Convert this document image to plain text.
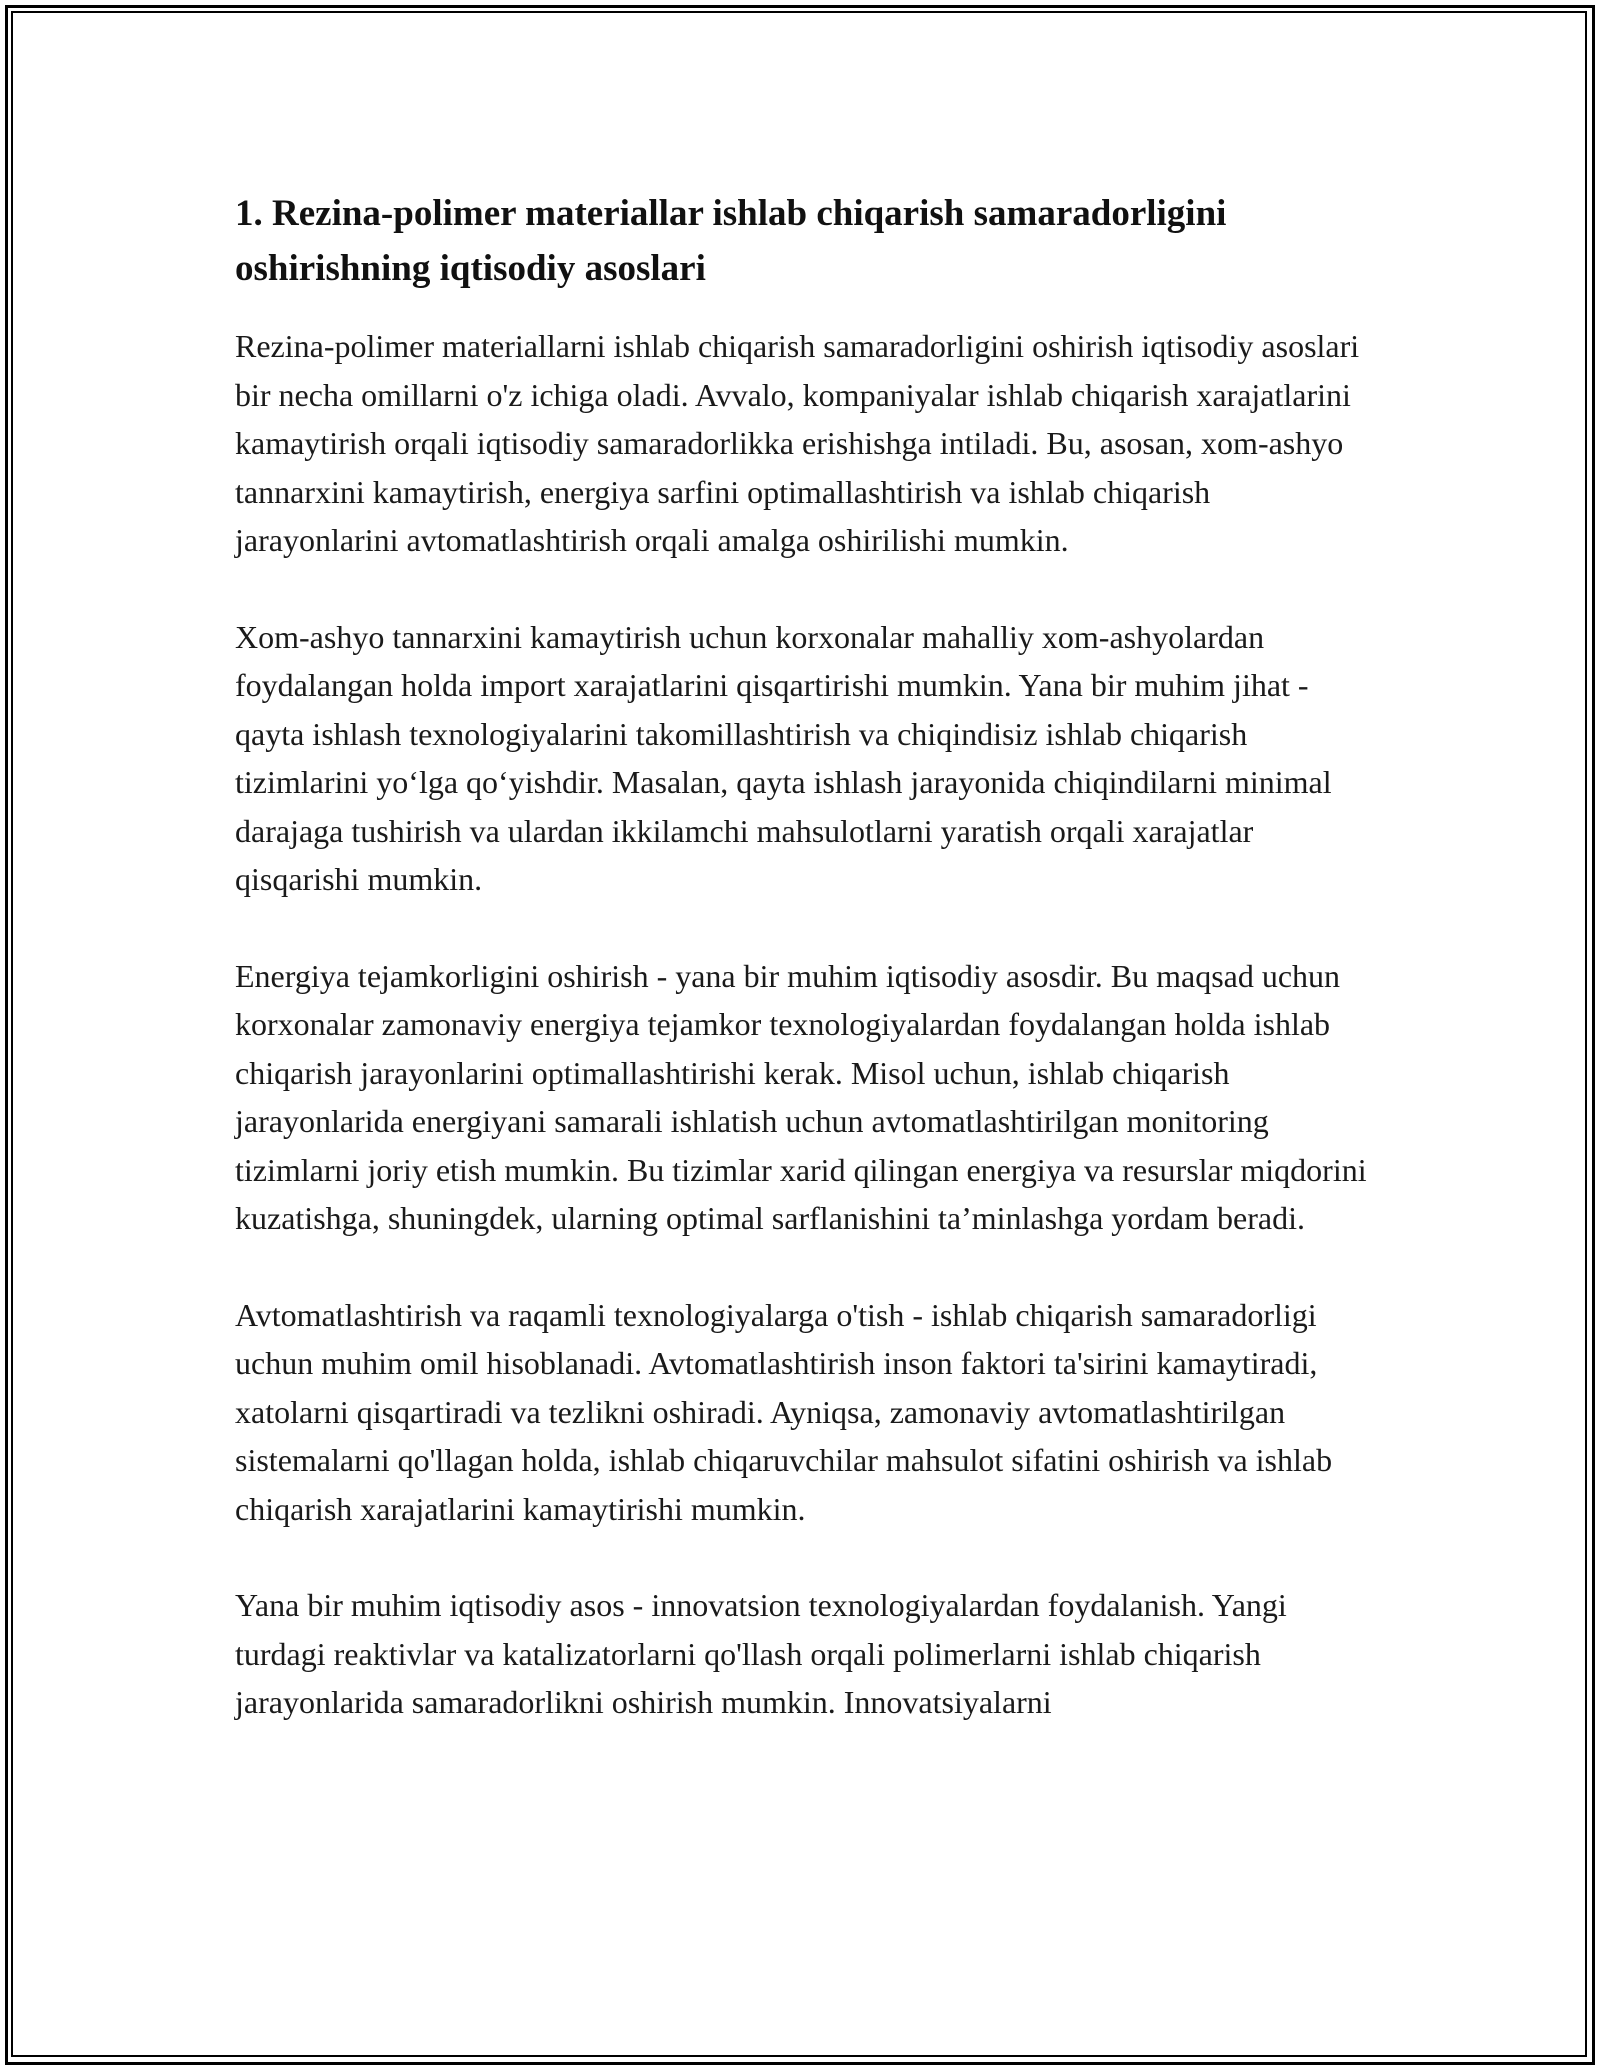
1. Rezina-polimer materiallar ishlab chiqarish samaradorligini oshirishning iqtisodiy asoslari

Rezina-polimer materiallarni ishlab chiqarish samaradorligini oshirish iqtisodiy asoslari bir necha omillarni o'z ichiga oladi. Avvalo, kompaniyalar ishlab chiqarish xarajatlarini kamaytirish orqali iqtisodiy samaradorlikka erishishga intiladi. Bu, asosan, xom-ashyo tannarxini kamaytirish, energiya sarfini optimallashtirish va ishlab chiqarish jarayonlarini avtomatlashtirish orqali amalga oshirilishi mumkin.

Xom-ashyo tannarxini kamaytirish uchun korxonalar mahalliy xom-ashyolardan foydalangan holda import xarajatlarini qisqartirishi mumkin. Yana bir muhim jihat - qayta ishlash texnologiyalarini takomillashtirish va chiqindisiz ishlab chiqarish tizimlarini yo‘lga qo‘yishdir. Masalan, qayta ishlash jarayonida chiqindilarni minimal darajaga tushirish va ulardan ikkilamchi mahsulotlarni yaratish orqali xarajatlar qisqarishi mumkin.

Energiya tejamkorligini oshirish - yana bir muhim iqtisodiy asosdir. Bu maqsad uchun korxonalar zamonaviy energiya tejamkor texnologiyalardan foydalangan holda ishlab chiqarish jarayonlarini optimallashtirishi kerak. Misol uchun, ishlab chiqarish jarayonlarida energiyani samarali ishlatish uchun avtomatlashtirilgan monitoring tizimlarni joriy etish mumkin. Bu tizimlar xarid qilingan energiya va resurslar miqdorini kuzatishga, shuningdek, ularning optimal sarflanishini ta’minlashga yordam beradi.

Avtomatlashtirish va raqamli texnologiyalarga o'tish - ishlab chiqarish samaradorligi uchun muhim omil hisoblanadi. Avtomatlashtirish inson faktori ta'sirini kamaytiradi, xatolarni qisqartiradi va tezlikni oshiradi. Ayniqsa, zamonaviy avtomatlashtirilgan sistemalarni qo'llagan holda, ishlab chiqaruvchilar mahsulot sifatini oshirish va ishlab chiqarish xarajatlarini kamaytirishi mumkin.

Yana bir muhim iqtisodiy asos - innovatsion texnologiyalardan foydalanish. Yangi turdagi reaktivlar va katalizatorlarni qo'llash orqali polimerlarni ishlab chiqarish jarayonlarida samaradorlikni oshirish mumkin. Innovatsiyalarni
